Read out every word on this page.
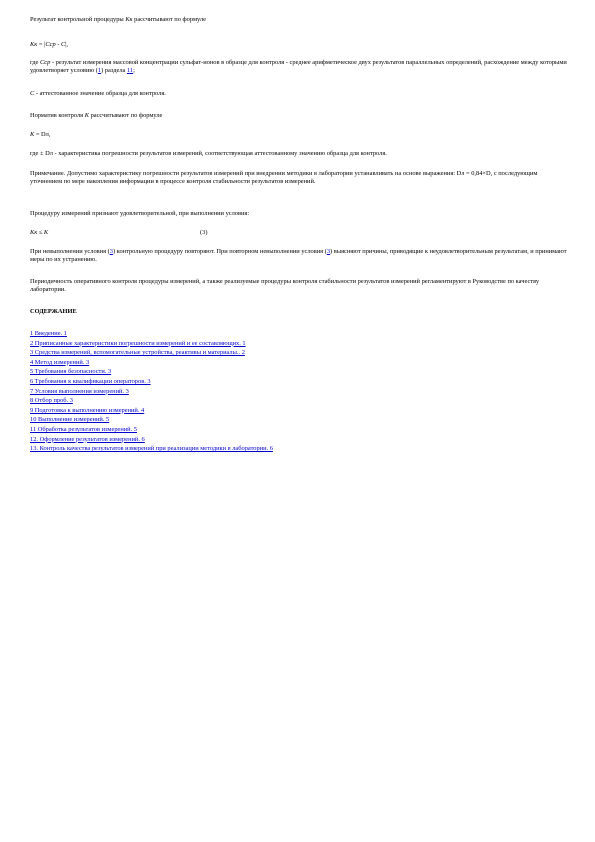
Результат контрольной процедуры Кк рассчитывают по формуле

Кк = |Сср - С|,

где Сср - результат измерения массовой концентрации сульфат-ионов в образце для контроля - среднее арифметическое двух результатов параллельных определений, расхождение между которыми удовлетворяет условию (1) раздела 11;

С - аттестованное значение образца для контроля.

Норматив контроля К рассчитывают по формуле

К = Dл,

где ± Dл - характеристика погрешности результатов измерений, соответствующая аттестованному значению образца для контроля.

Примечание. Допустимо характеристику погрешности результатов измерений при внедрении методики в лаборатории устанавливать на основе выражения: Dл = 0,84×D, с последующим уточнением по мере накопления информации в процессе контроля стабильности результатов измерений.

Процедуру измерений признают удовлетворительной, при выполнении условия:

Кк ≤ К	(3)

При невыполнении условия (3) контрольную процедуру повторяют. При повторном невыполнении условия (3) выясняют причины, приводящие к неудовлетворительным результатам, и принимают меры по их устранению.

Периодичность оперативного контроля процедуры измерений, а также реализуемые процедуры контроля стабильности результатов измерений регламентируют в Руководстве по качеству лаборатории.

СОДЕРЖАНИЕ

1 Введение. 1
2 Приписанные характеристики погрешности измерений и ее составляющих. 1
3 Средства измерений, вспомогательные устройства, реактивы и материалы.. 2
4 Метод измерений. 3
5 Требования безопасности. 3
6 Требования к квалификации операторов. 3
7 Условия выполнения измерений. 3
8 Отбор проб. 3
9 Подготовка к выполнению измерений. 4
10 Выполнение измерений. 5
11 Обработка результатов измерений. 5
12. Оформление результатов измерений. 6
13. Контроль качества результатов измерений при реализации методики в лаборатории. 6
